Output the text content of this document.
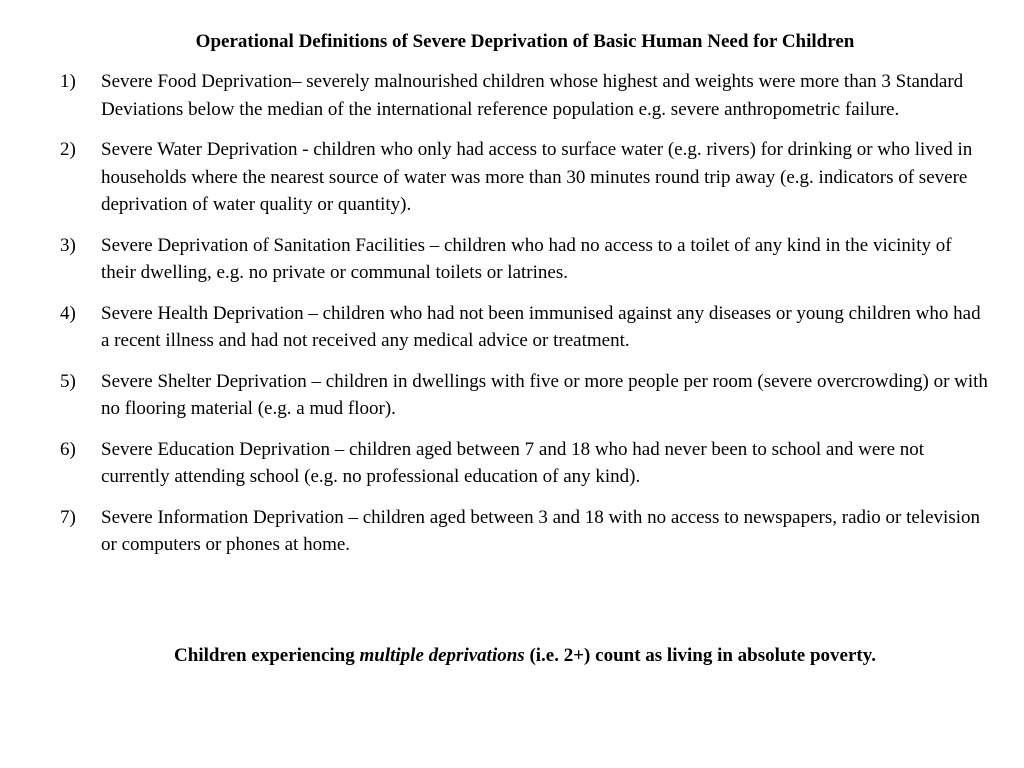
Operational Definitions of Severe Deprivation of Basic Human Need for Children
1) Severe Food Deprivation– severely malnourished children whose highest and weights were more than 3 Standard Deviations below the median of the international reference population e.g. severe anthropometric failure.
2) Severe Water Deprivation - children who only had access to surface water (e.g. rivers) for drinking or who lived in households where the nearest source of water was more than 30 minutes round trip away (e.g. indicators of severe deprivation of water quality or quantity).
3) Severe Deprivation of Sanitation Facilities – children who had no access to a toilet of any kind in the vicinity of their dwelling, e.g. no private or communal toilets or latrines.
4) Severe Health Deprivation – children who had not been immunised against any diseases or young children who had a recent illness and had not received any medical advice or treatment.
5) Severe Shelter Deprivation – children in dwellings with five or more people per room (severe overcrowding) or with no flooring material (e.g. a mud floor).
6) Severe Education Deprivation – children aged between 7 and 18 who had never been to school and were not currently attending school (e.g. no professional education of any kind).
7) Severe Information Deprivation – children aged between 3 and 18 with no access to newspapers, radio or television or computers or phones at home.

Children experiencing multiple deprivations (i.e. 2+) count as living in absolute poverty.
